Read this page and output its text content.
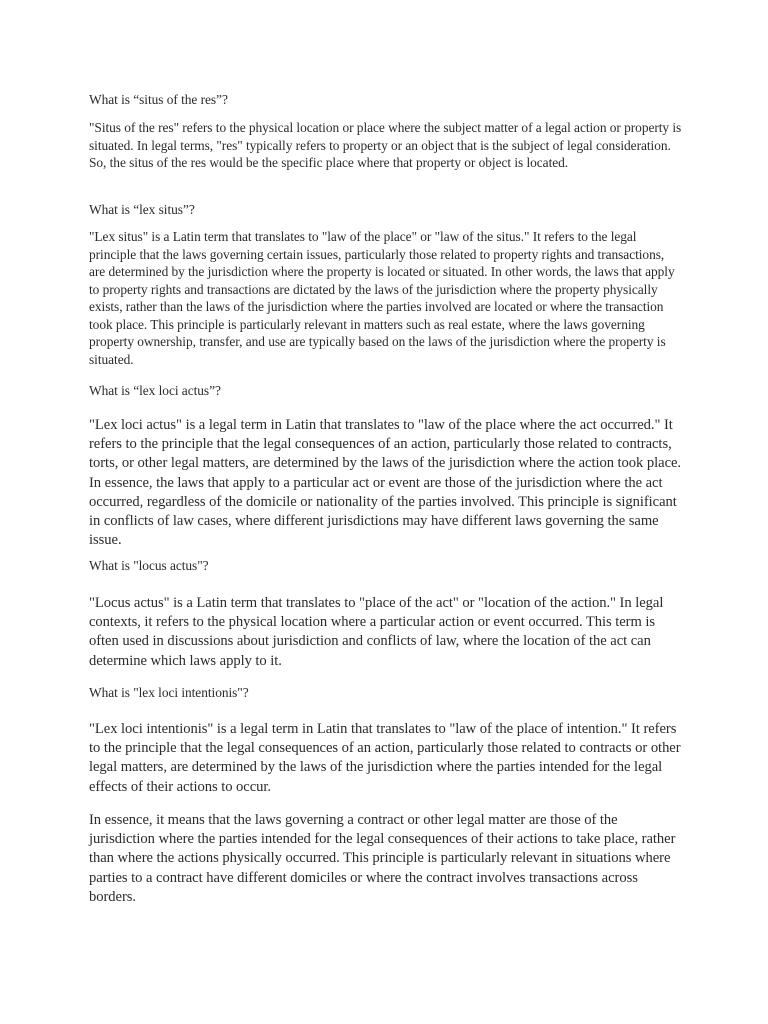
What is “situs of the res”?

"Situs of the res" refers to the physical location or place where the subject matter of a legal action or property is situated. In legal terms, "res" typically refers to property or an object that is the subject of legal consideration. So, the situs of the res would be the specific place where that property or object is located.

What is “lex situs”?

"Lex situs" is a Latin term that translates to "law of the place" or "law of the situs." It refers to the legal principle that the laws governing certain issues, particularly those related to property rights and transactions, are determined by the jurisdiction where the property is located or situated. In other words, the laws that apply to property rights and transactions are dictated by the laws of the jurisdiction where the property physically exists, rather than the laws of the jurisdiction where the parties involved are located or where the transaction took place. This principle is particularly relevant in matters such as real estate, where the laws governing property ownership, transfer, and use are typically based on the laws of the jurisdiction where the property is situated.

What is “lex loci actus”?

"Lex loci actus" is a legal term in Latin that translates to "law of the place where the act occurred." It refers to the principle that the legal consequences of an action, particularly those related to contracts, torts, or other legal matters, are determined by the laws of the jurisdiction where the action took place. In essence, the laws that apply to a particular act or event are those of the jurisdiction where the act occurred, regardless of the domicile or nationality of the parties involved. This principle is significant in conflicts of law cases, where different jurisdictions may have different laws governing the same issue.

What is "locus actus"?

"Locus actus" is a Latin term that translates to "place of the act" or "location of the action." In legal contexts, it refers to the physical location where a particular action or event occurred. This term is often used in discussions about jurisdiction and conflicts of law, where the location of the act can determine which laws apply to it.

What is "lex loci intentionis"?

"Lex loci intentionis" is a legal term in Latin that translates to "law of the place of intention." It refers to the principle that the legal consequences of an action, particularly those related to contracts or other legal matters, are determined by the laws of the jurisdiction where the parties intended for the legal effects of their actions to occur.

In essence, it means that the laws governing a contract or other legal matter are those of the jurisdiction where the parties intended for the legal consequences of their actions to take place, rather than where the actions physically occurred. This principle is particularly relevant in situations where parties to a contract have different domiciles or where the contract involves transactions across borders.
